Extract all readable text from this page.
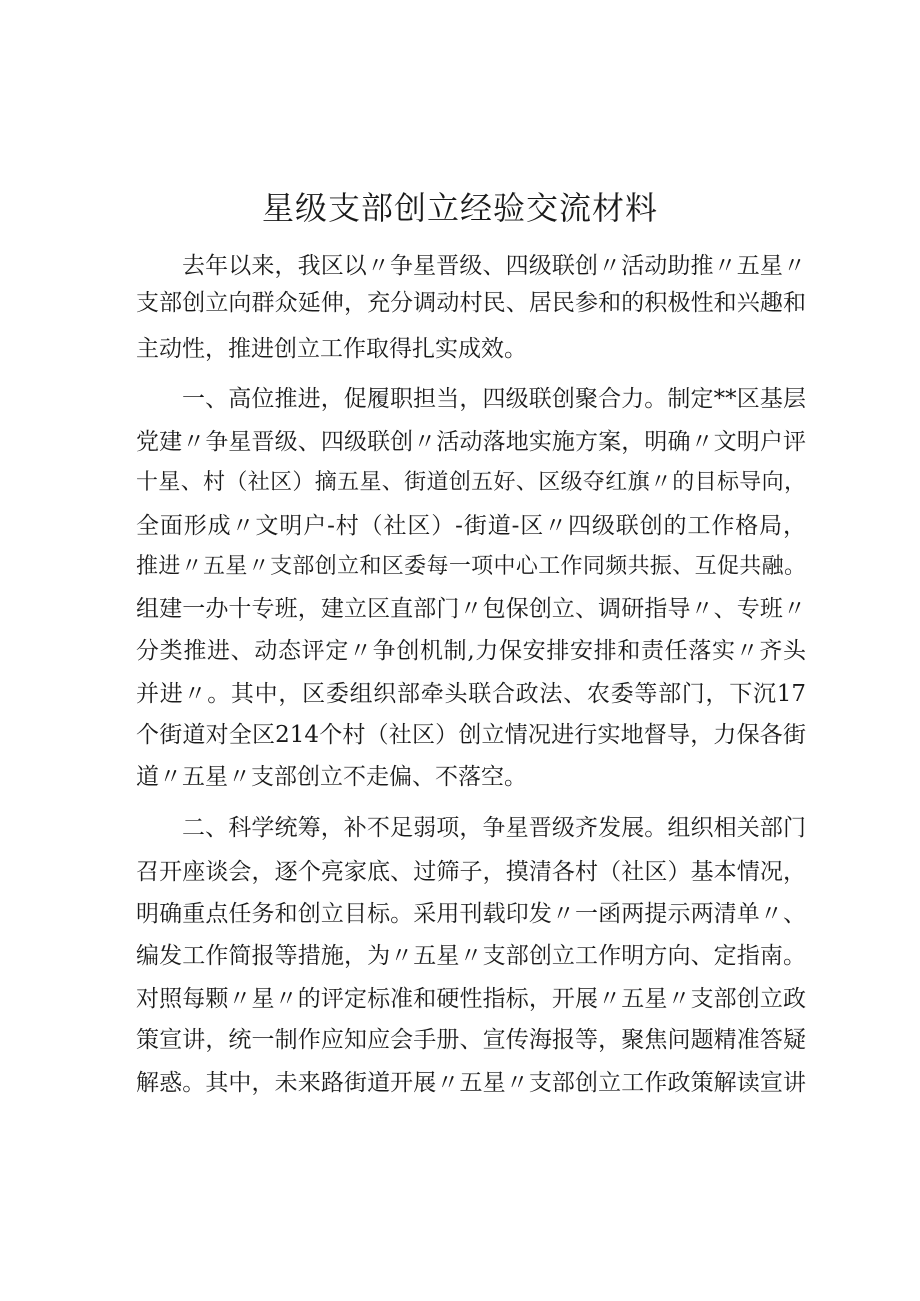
星级支部创立经验交流材料
去年以来，我区以〃争星晋级、四级联创〃活动助推〃五星〃
支部创立向群众延伸，充分调动村民、居民参和的积极性和兴趣和
主动性，推进创立工作取得扎实成效。
一、高位推进，促履职担当，四级联创聚合力。制定**区基层
党建〃争星晋级、四级联创〃活动落地实施方案，明确〃文明户评
十星、村（社区）摘五星、街道创五好、区级夺红旗〃的目标导向，
全面形成〃文明户-村（社区）-街道-区〃四级联创的工作格局，
推进〃五星〃支部创立和区委每一项中心工作同频共振、互促共融。
组建一办十专班，建立区直部门〃包保创立、调研指导〃、专班〃
分类推进、动态评定〃争创机制,力保安排安排和责任落实〃齐头
并进〃。其中，区委组织部牵头联合政法、农委等部门，下沉17
个街道对全区214个村（社区）创立情况进行实地督导，力保各街
道〃五星〃支部创立不走偏、不落空。
二、科学统筹，补不足弱项，争星晋级齐发展。组织相关部门
召开座谈会，逐个亮家底、过筛子，摸清各村（社区）基本情况，
明确重点任务和创立目标。采用刊载印发〃一函两提示两清单〃、
编发工作简报等措施，为〃五星〃支部创立工作明方向、定指南。
对照每颗〃星〃的评定标准和硬性指标，开展〃五星〃支部创立政
策宣讲，统一制作应知应会手册、宣传海报等，聚焦问题精准答疑
解惑。其中，未来路街道开展〃五星〃支部创立工作政策解读宣讲
